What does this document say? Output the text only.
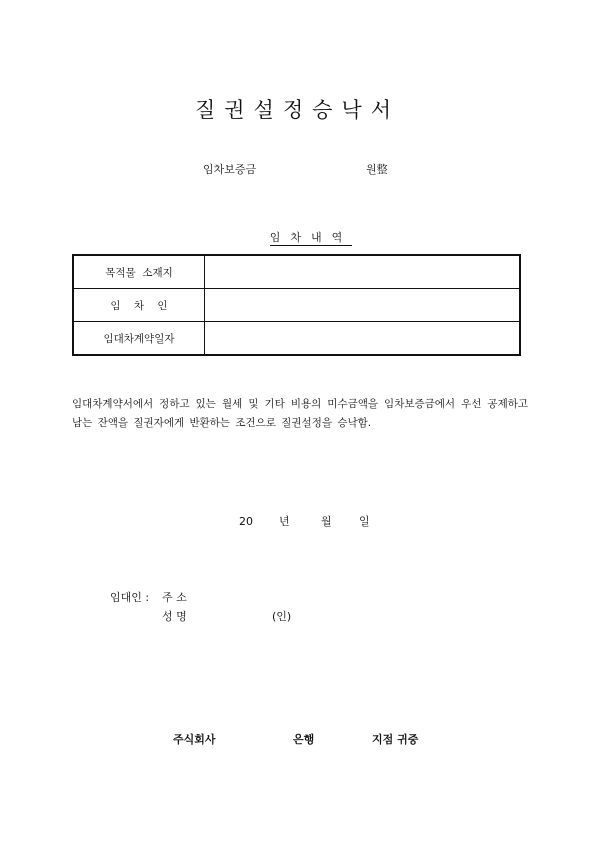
질권설정승낙서
임차보증금	원整

임차내역

목적물  소재지	
임    차    인	
임대차계약일자	
임대차계약서에서 정하고 있는 월세 및 기타 비용의 미수금액을 임차보증금에서 우선 공제하고 남는 잔액을 질권자에게 반환하는 조건으로 질권설정을 승낙함.

20 년	월 일

임대인 : 주 소
성 명	(인)
주식회사	은행	지점 귀중
